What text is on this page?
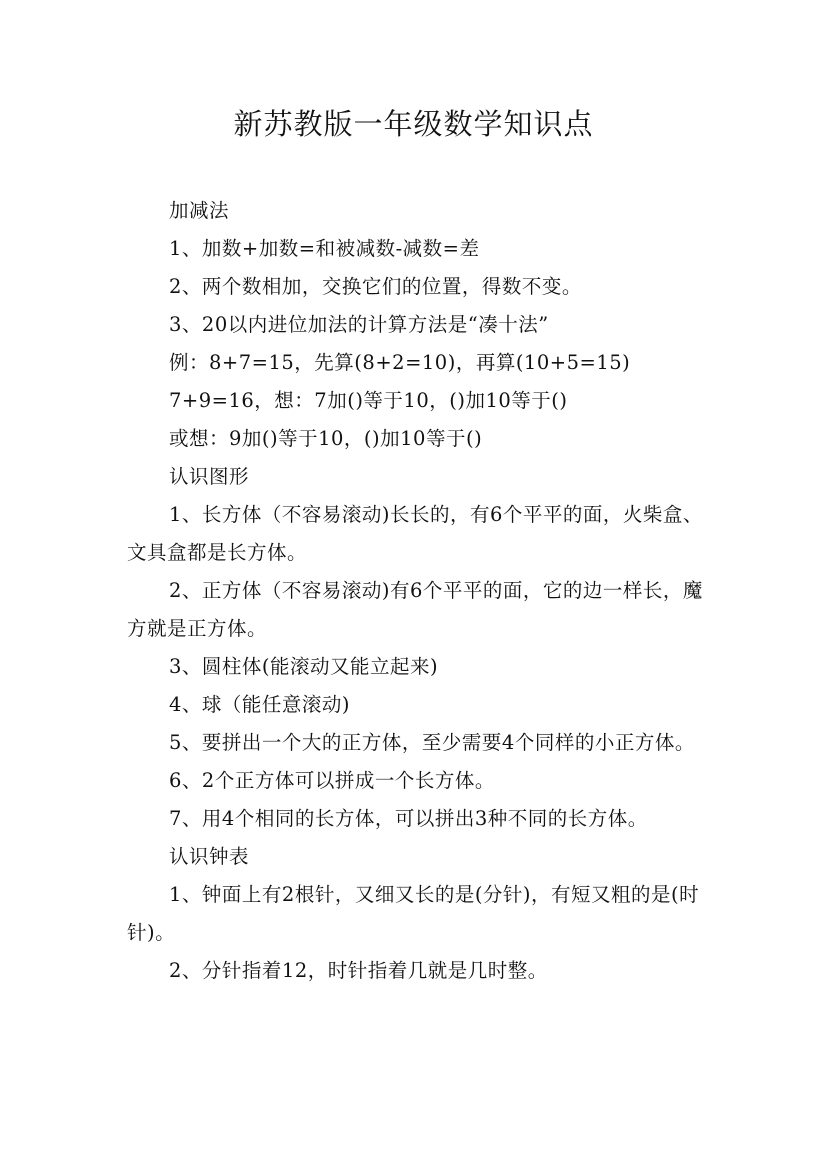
新苏教版一年级数学知识点

加减法

1、加数+加数=和被减数-减数=差

2、两个数相加，交换它们的位置，得数不变。

3、20以内进位加法的计算方法是“凑十法”

例：8+7=15，先算(8+2=10)，再算(10+5=15)

7+9=16，想：7加()等于10，()加10等于()

或想：9加()等于10，()加10等于()

认识图形

1、长方体（不容易滚动)长长的，有6个平平的面，火柴盒、文具盒都是长方体。

2、正方体（不容易滚动)有6个平平的面，它的边一样长，魔方就是正方体。

3、圆柱体(能滚动又能立起来)

4、球（能任意滚动)

5、要拼出一个大的正方体，至少需要4个同样的小正方体。

6、2个正方体可以拼成一个长方体。

7、用4个相同的长方体，可以拼出3种不同的长方体。

认识钟表

1、钟面上有2根针，又细又长的是(分针)，有短又粗的是(时针)。

2、分针指着12，时针指着几就是几时整。
